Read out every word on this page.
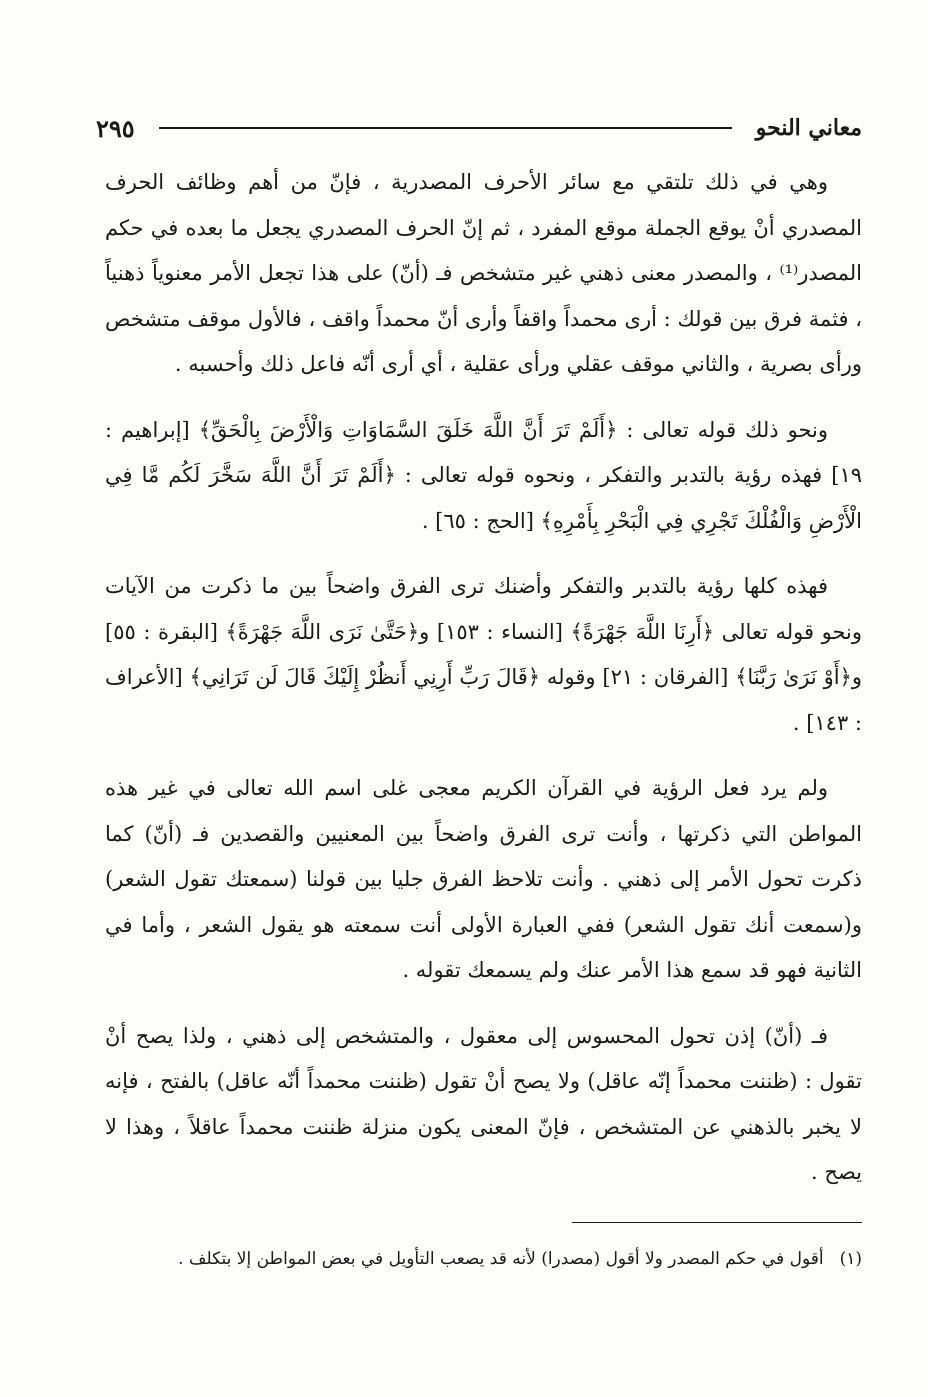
معاني النحو
٢٩٥

وهي في ذلك تلتقي مع سائر الأحرف المصدرية ، فإنّ من أهم وظائف الحرف المصدري أنْ يوقع الجملة موقع المفرد ، ثم إنّ الحرف المصدري يجعل ما بعده في حكم المصدر⁽¹⁾ ، والمصدر معنى ذهني غير متشخص فـ (أنّ) على هذا تجعل الأمر معنوياً ذهنياً ، فثمة فرق بين قولك : أرى محمداً واقفاً وأرى أنّ محمداً واقف ، فالأول موقف متشخص ورأى بصرية ، والثاني موقف عقلي ورأى عقلية ، أي أرى أنّه فاعل ذلك وأحسبه .

ونحو ذلك قوله تعالى : ﴿أَلَمْ تَرَ أَنَّ اللَّهَ خَلَقَ السَّمَاوَاتِ وَالْأَرْضَ بِالْحَقِّ﴾ [إبراهيم : ١٩] فهذه رؤية بالتدبر والتفكر ، ونحوه قوله تعالى : ﴿أَلَمْ تَرَ أَنَّ اللَّهَ سَخَّرَ لَكُم مَّا فِي الْأَرْضِ وَالْفُلْكَ تَجْرِي فِي الْبَحْرِ بِأَمْرِهِ﴾ [الحج : ٦٥] .

فهذه كلها رؤية بالتدبر والتفكر وأضنك ترى الفرق واضحاً بين ما ذكرت من الآيات ونحو قوله تعالى ﴿أَرِنَا اللَّهَ جَهْرَةً﴾ [النساء : ١٥٣] و﴿حَتَّىٰ نَرَى اللَّهَ جَهْرَةً﴾ [البقرة : ٥٥] و﴿أَوْ نَرَىٰ رَبَّنَا﴾ [الفرقان : ٢١] وقوله ﴿قَالَ رَبِّ أَرِنِي أَنظُرْ إِلَيْكَ قَالَ لَن تَرَانِي﴾ [الأعراف : ١٤٣] .

ولم يرد فعل الرؤية في القرآن الكريم معجى غلى اسم الله تعالى في غير هذه المواطن التي ذكرتها ، وأنت ترى الفرق واضحاً بين المعنيين والقصدين فـ (أنّ) كما ذكرت تحول الأمر إلى ذهني . وأنت تلاحظ الفرق جليا بين قولنا (سمعتك تقول الشعر) و(سمعت أنك تقول الشعر) ففي العبارة الأولى أنت سمعته هو يقول الشعر ، وأما في الثانية فهو قد سمع هذا الأمر عنك ولم يسمعك تقوله .

فـ (أنّ) إذن تحول المحسوس إلى معقول ، والمتشخص إلى ذهني ، ولذا يصح أنْ تقول : (ظننت محمداً إنّه عاقل) ولا يصح أنْ تقول (ظننت محمداً أنّه عاقل) بالفتح ، فإنه لا يخبر بالذهني عن المتشخص ، فإنّ المعنى يكون منزلة ظننت محمداً عاقلاً ، وهذا لا يصح .

(١)أقول في حكم المصدر ولا أقول (مصدرا) لأنه قد يصعب التأويل في بعض المواطن إلا بتكلف .
